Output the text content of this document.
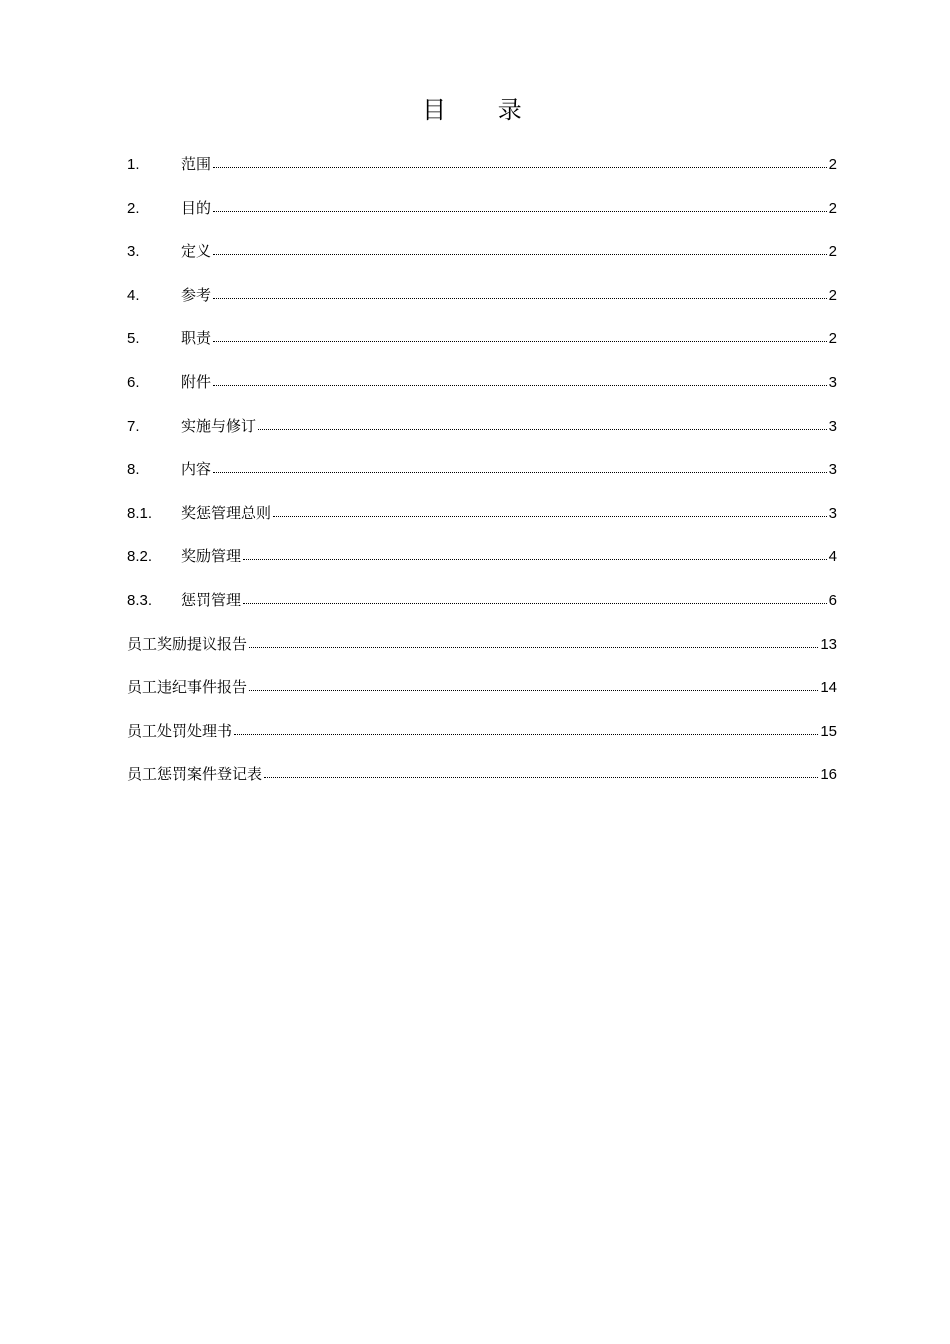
目 录
1.	范围	2
2.	目的	2
3.	定义	2
4.	参考	2
5.	职责	2
6.	附件	3
7.	实施与修订	3
8.	内容	3
8.1.	奖惩管理总则	3
8.2.	奖励管理	4
8.3.	惩罚管理	6
员工奖励提议报告	13
员工违纪事件报告	14
员工处罚处理书	15
员工惩罚案件登记表	16
